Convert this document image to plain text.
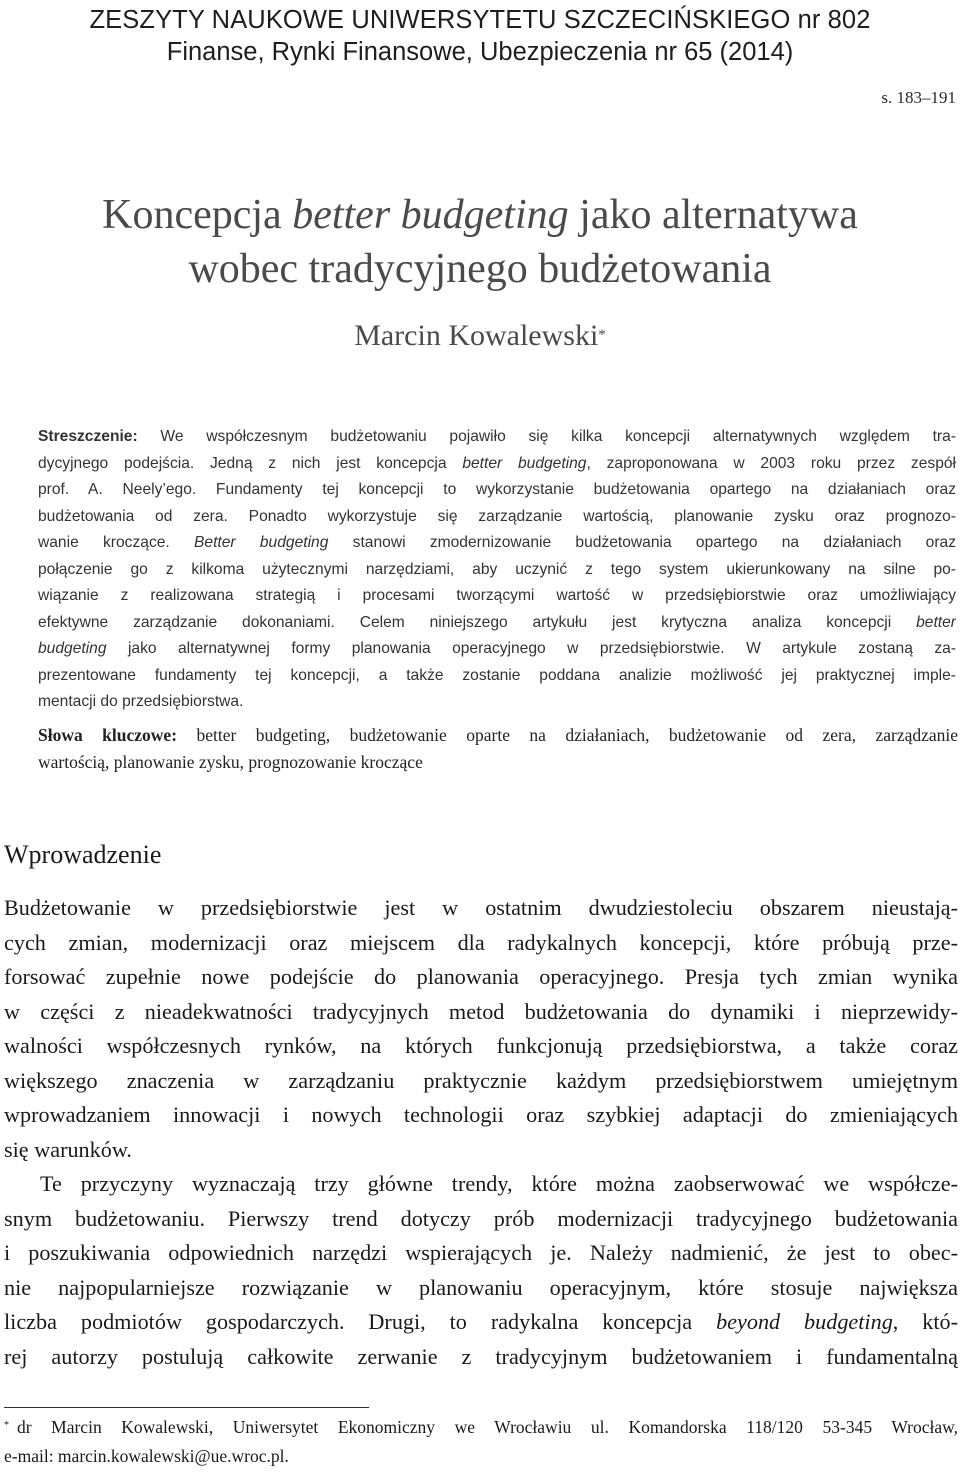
ZESZYTY NAUKOWE UNIWERSYTETU SZCZECIŃSKIEGO nr 802
Finanse, Rynki Finansowe, Ubezpieczenia nr 65 (2014)
s. 183–191
Koncepcja better budgeting jako alternatywa
wobec tradycyjnego budżetowania
Marcin Kowalewski*
Streszczenie: We współczesnym budżetowaniu pojawiło się kilka koncepcji alternatywnych względem tra-
dycyjnego podejścia. Jedną z nich jest koncepcja better budgeting, zaproponowana w 2003 roku przez zespół
prof. A. Neely’ego. Fundamenty tej koncepcji to wykorzystanie budżetowania opartego na działaniach oraz
budżetowania od zera. Ponadto wykorzystuje się zarządzanie wartością, planowanie zysku oraz prognozo-
wanie kroczące. Better budgeting stanowi zmodernizowanie budżetowania opartego na działaniach oraz
połączenie go z kilkoma użytecznymi narzędziami, aby uczynić z tego system ukierunkowany na silne po-
wiązanie z realizowana strategią i procesami tworzącymi wartość w przedsiębiorstwie oraz umożliwiający
efektywne zarządzanie dokonaniami. Celem niniejszego artykułu jest krytyczna analiza koncepcji better
budgeting jako alternatywnej formy planowania operacyjnego w przedsiębiorstwie. W artykule zostaną za-
prezentowane fundamenty tej koncepcji, a także zostanie poddana analizie możliwość jej praktycznej imple-
mentacji do przedsiębiorstwa.
Słowa kluczowe: better budgeting, budżetowanie oparte na działaniach, budżetowanie od zera, zarządzanie
wartością, planowanie zysku, prognozowanie kroczące
Wprowadzenie
Budżetowanie w przedsiębiorstwie jest w ostatnim dwudziestoleciu obszarem nieustają-
cych zmian, modernizacji oraz miejscem dla radykalnych koncepcji, które próbują prze-
forsować zupełnie nowe podejście do planowania operacyjnego. Presja tych zmian wynika
w części z nieadekwatności tradycyjnych metod budżetowania do dynamiki i nieprzewidy-
walności współczesnych rynków, na których funkcjonują przedsiębiorstwa, a także coraz
większego znaczenia w zarządzaniu praktycznie każdym przedsiębiorstwem umiejętnym
wprowadzaniem innowacji i nowych technologii oraz szybkiej adaptacji do zmieniających
się warunków.
Te przyczyny wyznaczają trzy główne trendy, które można zaobserwować we współcze-
snym budżetowaniu. Pierwszy trend dotyczy prób modernizacji tradycyjnego budżetowania
i poszukiwania odpowiednich narzędzi wspierających je. Należy nadmienić, że jest to obec-
nie najpopularniejsze rozwiązanie w planowaniu operacyjnym, które stosuje największa
liczba podmiotów gospodarczych. Drugi, to radykalna koncepcja beyond budgeting, któ-
rej autorzy postulują całkowite zerwanie z tradycyjnym budżetowaniem i fundamentalną
* dr Marcin Kowalewski, Uniwersytet Ekonomiczny we Wrocławiu ul. Komandorska 118/120 53-345 Wrocław,
e-mail: marcin.kowalewski@ue.wroc.pl.
